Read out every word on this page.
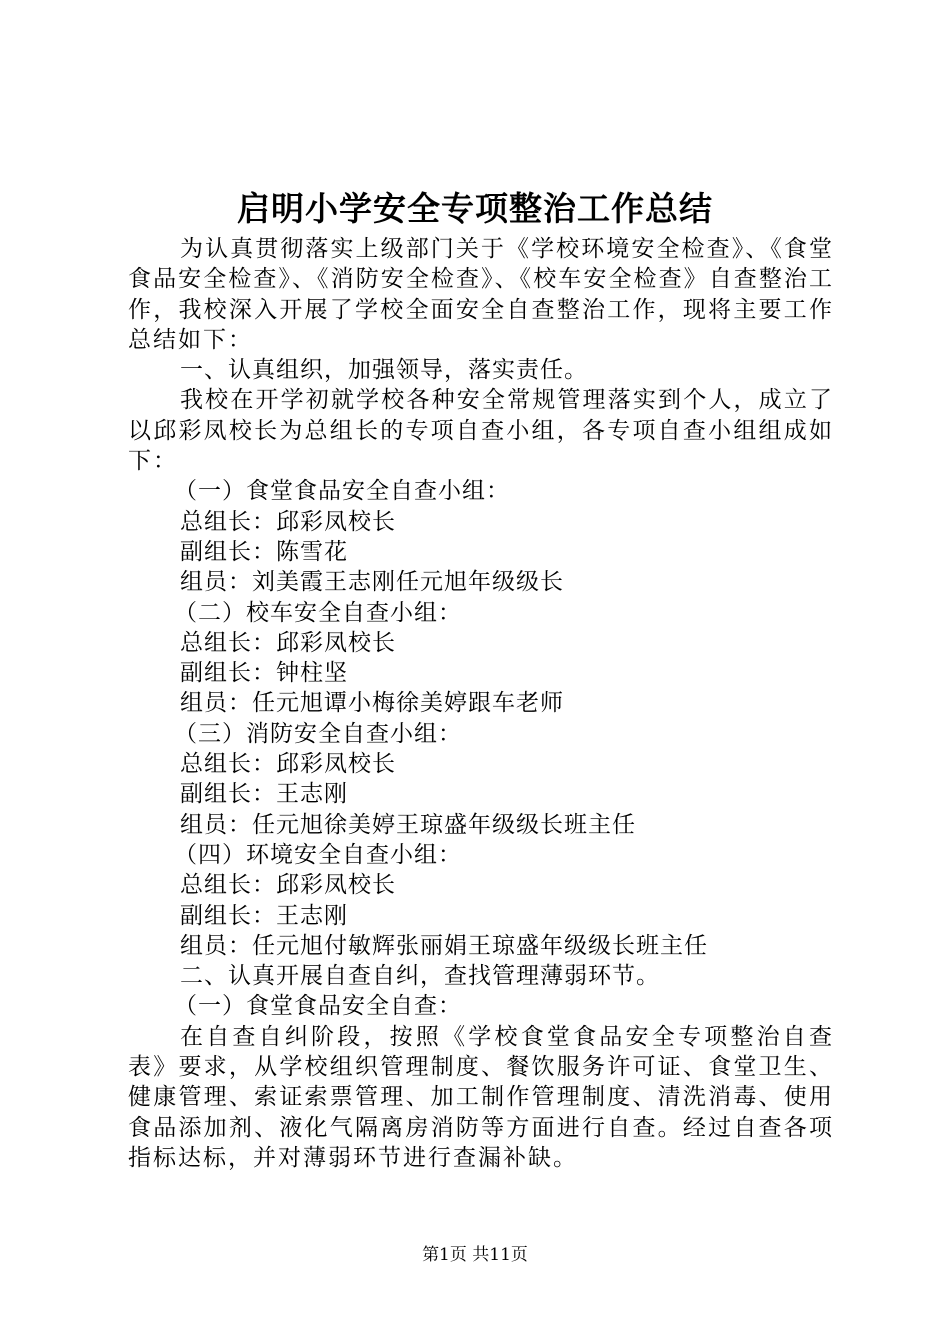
启明小学安全专项整治工作总结

为认真贯彻落实上级部门关于《学校环境安全检查》、《食堂食品安全检查》、《消防安全检查》、《校车安全检查》自查整治工作，我校深入开展了学校全面安全自查整治工作，现将主要工作总结如下：

一、认真组织，加强领导，落实责任。

我校在开学初就学校各种安全常规管理落实到个人，成立了以邱彩凤校长为总组长的专项自查小组，各专项自查小组组成如下：

（一）食堂食品安全自查小组：

总组长：邱彩凤校长

副组长：陈雪花

组员：刘美霞王志刚任元旭年级级长

（二）校车安全自查小组：

总组长：邱彩凤校长

副组长：钟柱坚

组员：任元旭谭小梅徐美婷跟车老师

（三）消防安全自查小组：

总组长：邱彩凤校长

副组长：王志刚

组员：任元旭徐美婷王琼盛年级级长班主任

（四）环境安全自查小组：

总组长：邱彩凤校长

副组长：王志刚

组员：任元旭付敏辉张丽娟王琼盛年级级长班主任

二、认真开展自查自纠，查找管理薄弱环节。

（一）食堂食品安全自查：

在自查自纠阶段，按照《学校食堂食品安全专项整治自查表》要求，从学校组织管理制度、餐饮服务许可证、食堂卫生、健康管理、索证索票管理、加工制作管理制度、清洗消毒、使用食品添加剂、液化气隔离房消防等方面进行自查。经过自查各项指标达标，并对薄弱环节进行查漏补缺。

第1页 共11页
